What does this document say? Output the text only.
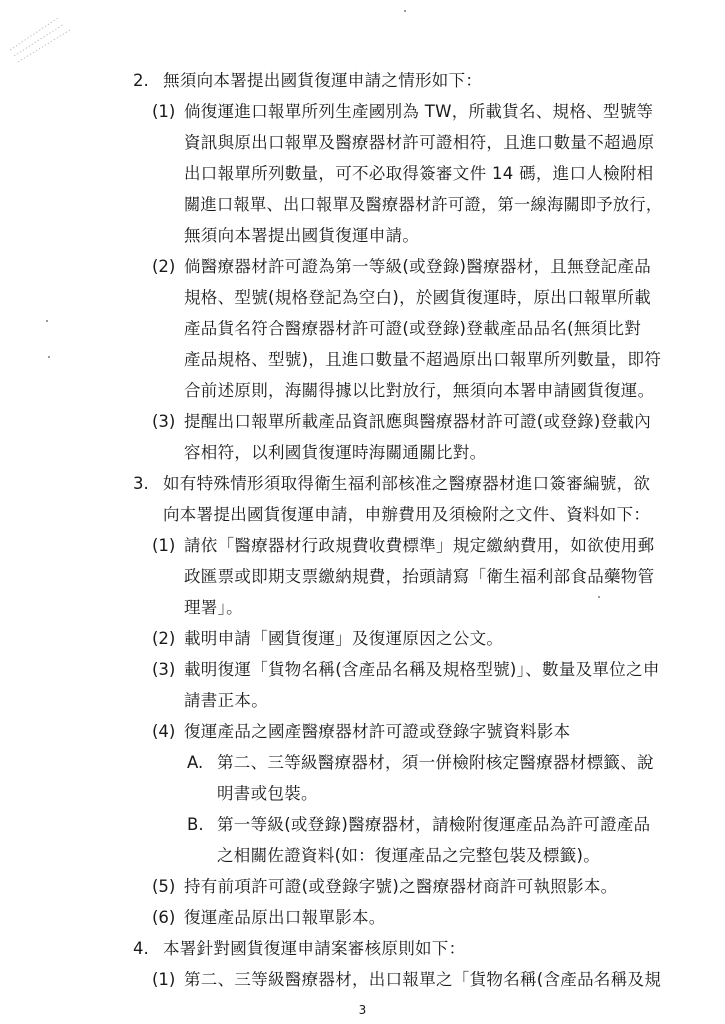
2. 無須向本署提出國貨復運申請之情形如下：
(1) 倘復運進口報單所列生產國別為 TW，所載貨名、規格、型號等
資訊與原出口報單及醫療器材許可證相符，且進口數量不超過原
出口報單所列數量，可不必取得簽審文件 14 碼，進口人檢附相
關進口報單、出口報單及醫療器材許可證，第一線海關即予放行，
無須向本署提出國貨復運申請。
(2) 倘醫療器材許可證為第一等級(或登錄)醫療器材，且無登記產品
規格、型號(規格登記為空白)，於國貨復運時，原出口報單所載
產品貨名符合醫療器材許可證(或登錄)登載產品品名(無須比對
產品規格、型號)，且進口數量不超過原出口報單所列數量，即符
合前述原則，海關得據以比對放行，無須向本署申請國貨復運。
(3) 提醒出口報單所載產品資訊應與醫療器材許可證(或登錄)登載內
容相符，以利國貨復運時海關通關比對。
3. 如有特殊情形須取得衛生福利部核准之醫療器材進口簽審編號，欲
向本署提出國貨復運申請，申辦費用及須檢附之文件、資料如下：
(1) 請依「醫療器材行政規費收費標準」規定繳納費用，如欲使用郵
政匯票或即期支票繳納規費，抬頭請寫「衛生福利部食品藥物管
理署」。
(2) 載明申請「國貨復運」及復運原因之公文。
(3) 載明復運「貨物名稱(含產品名稱及規格型號)」、數量及單位之申
請書正本。
(4) 復運產品之國產醫療器材許可證或登錄字號資料影本
A. 第二、三等級醫療器材，須一併檢附核定醫療器材標籤、說
明書或包裝。
B. 第一等級(或登錄)醫療器材，請檢附復運產品為許可證產品
之相關佐證資料(如：復運產品之完整包裝及標籤)。
(5) 持有前項許可證(或登錄字號)之醫療器材商許可執照影本。
(6) 復運產品原出口報單影本。
4. 本署針對國貨復運申請案審核原則如下：
(1) 第二、三等級醫療器材，出口報單之「貨物名稱(含產品名稱及規
3
